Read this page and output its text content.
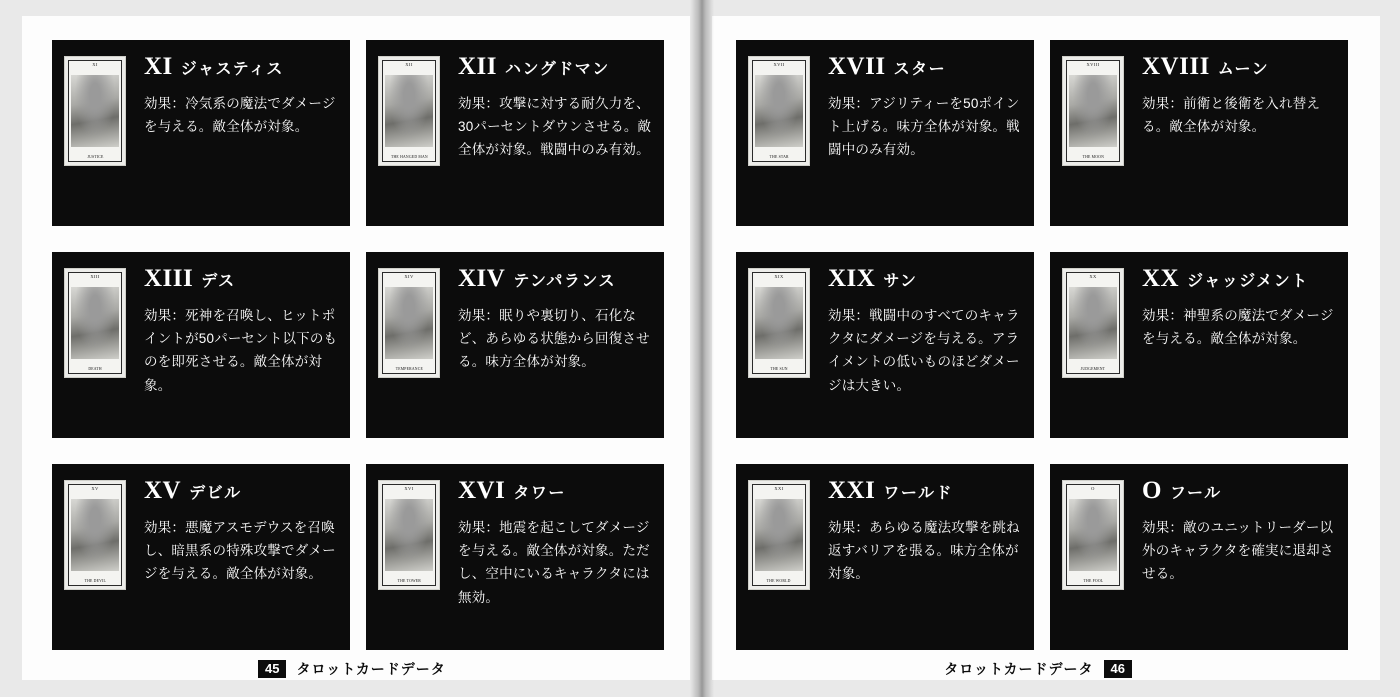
XI
JUSTICE
XI ジャスティス
効果：冷気系の魔法でダメージを与える。敵全体が対象。
XII
THE HANGED MAN
XII ハングドマン
効果：攻撃に対する耐久力を、30パーセントダウンさせる。敵全体が対象。戦闘中のみ有効。
XIII
DEATH
XIII デス
効果：死神を召喚し、ヒットポイントが50パーセント以下のものを即死させる。敵全体が対象。
XIV
TEMPERANCE
XIV テンパランス
効果：眠りや裏切り、石化など、あらゆる状態から回復させる。味方全体が対象。
XV
THE DEVIL
XV デビル
効果：悪魔アスモデウスを召喚し、暗黒系の特殊攻撃でダメージを与える。敵全体が対象。
XVI
THE TOWER
XVI タワー
効果：地震を起こしてダメージを与える。敵全体が対象。ただし、空中にいるキャラクタには無効。
45	タロットカードデータ
XVII
THE STAR
XVII スター
効果：アジリティーを50ポイント上げる。味方全体が対象。戦闘中のみ有効。
XVIII
THE MOON
XVIII ムーン
効果：前衛と後衛を入れ替える。敵全体が対象。
XIX
THE SUN
XIX サン
効果：戦闘中のすべてのキャラクタにダメージを与える。アライメントの低いものほどダメージは大きい。
XX
JUDGEMENT
XX ジャッジメント
効果：神聖系の魔法でダメージを与える。敵全体が対象。
XXI
THE WORLD
XXI ワールド
効果：あらゆる魔法攻撃を跳ね返すバリアを張る。味方全体が対象。
O
THE FOOL
O フール
効果：敵のユニットリーダー以外のキャラクタを確実に退却させる。
タロットカードデータ	46
